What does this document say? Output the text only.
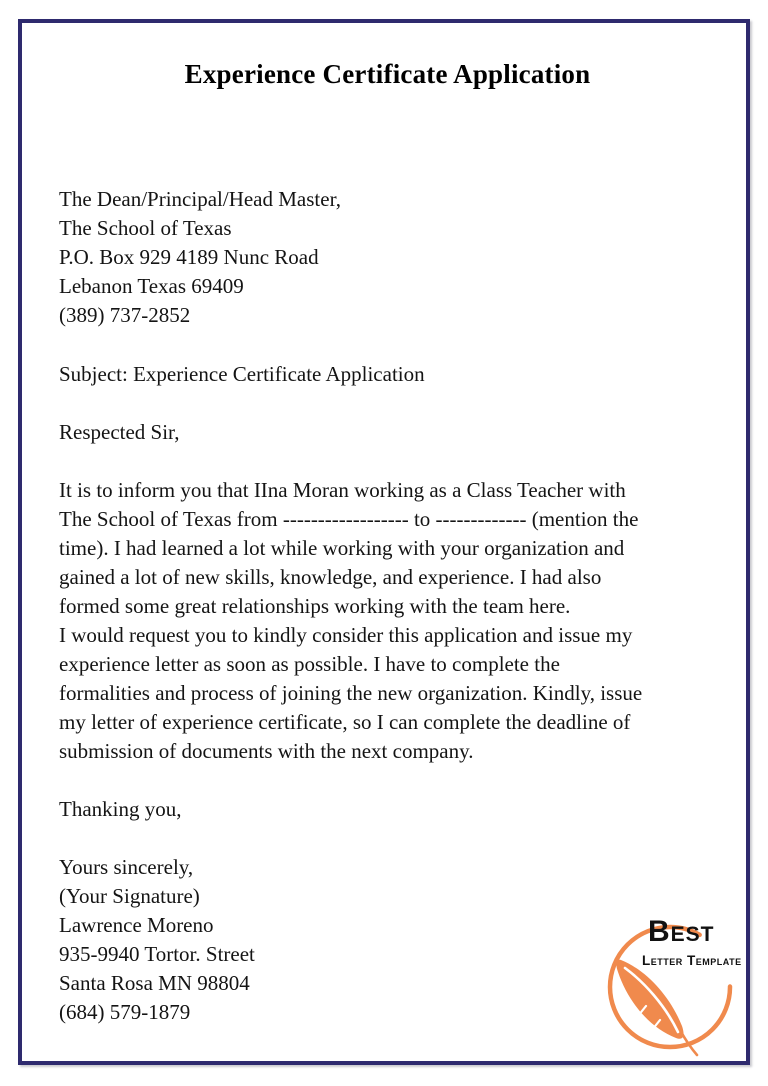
Experience Certificate Application
The Dean/Principal/Head Master,
The School of Texas
P.O. Box 929 4189 Nunc Road
Lebanon Texas 69409
(389) 737-2852
Subject: Experience Certificate Application
Respected Sir,
It is to inform you that IIna Moran working as a Class Teacher with
The School of Texas from ------------------ to ------------- (mention the
time). I had learned a lot while working with your organization and
gained a lot of new skills, knowledge, and experience. I had also
formed some great relationships working with the team here.
I would request you to kindly consider this application and issue my
experience letter as soon as possible. I have to complete the
formalities and process of joining the new organization. Kindly, issue
my letter of experience certificate, so I can complete the deadline of
submission of documents with the next company.
Thanking you,
Yours sincerely,
(Your Signature)
Lawrence Moreno
935-9940 Tortor. Street
Santa Rosa MN 98804
(684) 579-1879
Best
Letter Template
